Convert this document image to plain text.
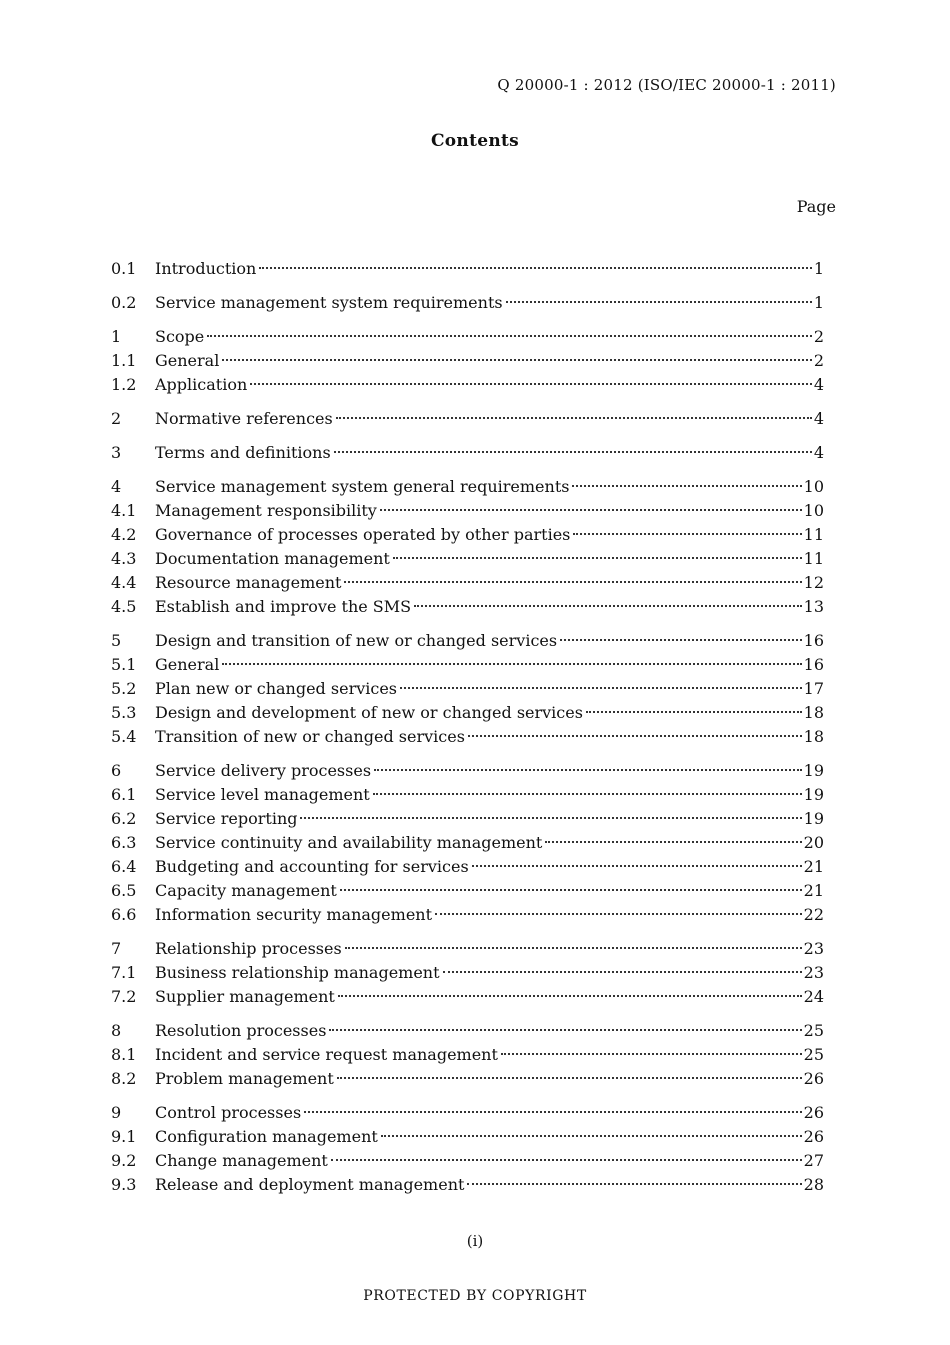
Q 20000-1 : 2012 (ISO/IEC 20000-1 : 2011)
Contents
Page
0.1	Introduction	1
0.2	Service management system requirements	1
1	Scope	2
1.1	General	2
1.2	Application	4
2	Normative references	4
3	Terms and definitions	4
4	Service management system general requirements	10
4.1	Management responsibility	10
4.2	Governance of processes operated by other parties	11
4.3	Documentation management	11
4.4	Resource management	12
4.5	Establish and improve the SMS	13
5	Design and transition of new or changed services	16
5.1	General	16
5.2	Plan new or changed services	17
5.3	Design and development of new or changed services	18
5.4	Transition of new or changed services	18
6	Service delivery processes	19
6.1	Service level management	19
6.2	Service reporting	19
6.3	Service continuity and availability management	20
6.4	Budgeting and accounting for services	21
6.5	Capacity management	21
6.6	Information security management	22
7	Relationship processes	23
7.1	Business relationship management	23
7.2	Supplier management	24
8	Resolution processes	25
8.1	Incident and service request management	25
8.2	Problem management	26
9	Control processes	26
9.1	Configuration management	26
9.2	Change management	27
9.3	Release and deployment management	28
(i)
PROTECTED BY COPYRIGHT
